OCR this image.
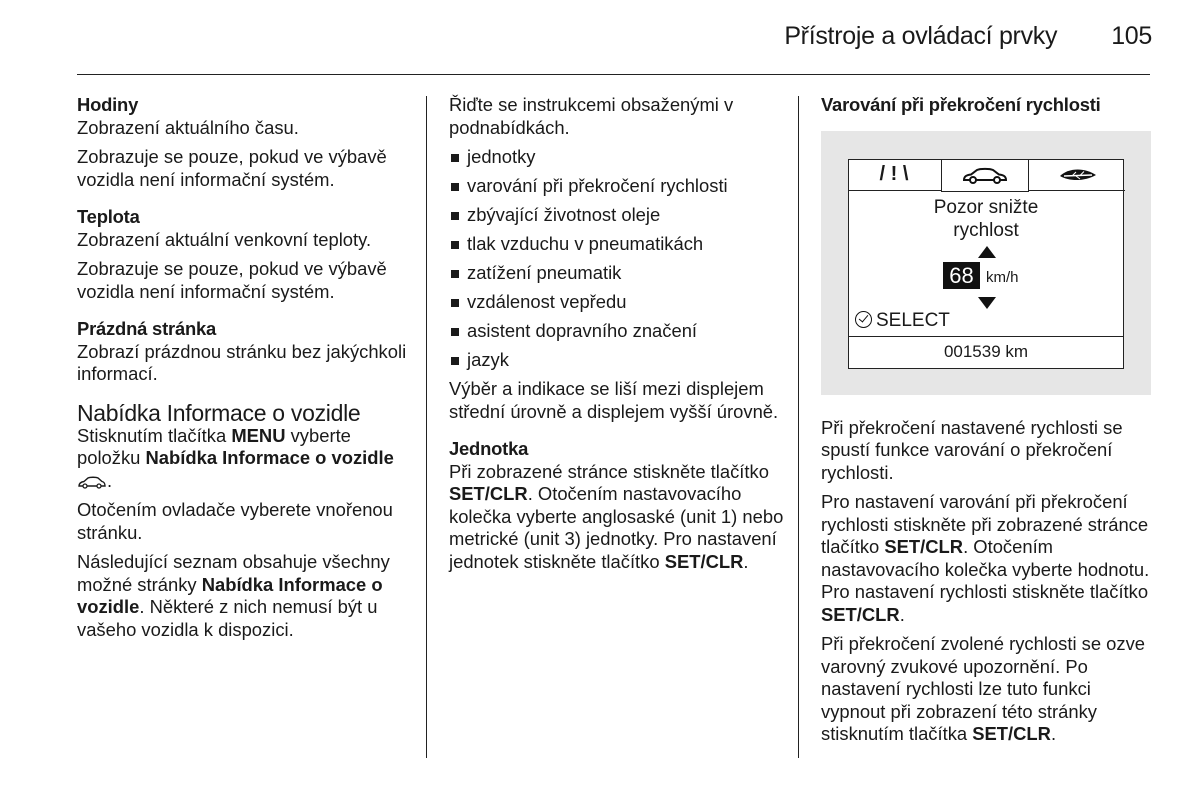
Přístroje a ovládací prvky 105
Hodiny

Zobrazení aktuálního času.

Zobrazuje se pouze, pokud ve výbavě vozidla není informační systém.

Teplota

Zobrazení aktuální venkovní teploty.

Zobrazuje se pouze, pokud ve výbavě vozidla není informační systém.

Prázdná stránka

Zobrazí prázdnou stránku bez jakýchkoli informací.

Nabídka Informace o vozidle

Stisknutím tlačítka MENU vyberte položku Nabídka Informace o vozidle .

Otočením ovladače vyberete vnořenou stránku.

Následující seznam obsahuje všechny možné stránky Nabídka Informace o vozidle. Některé z nich nemusí být u vašeho vozidla k dispozici.

Řiďte se instrukcemi obsaženými v podnabídkách.

jednotky
varování při překročení rychlosti
zbývající životnost oleje
tlak vzduchu v pneumatikách
zatížení pneumatik
vzdálenost vepředu
asistent dopravního značení
jazyk

Výběr a indikace se liší mezi displejem střední úrovně a displejem vyšší úrovně.

Jednotka

Při zobrazené stránce stiskněte tlačítko SET/CLR. Otočením nastavovacího kolečka vyberte anglosaské (unit 1) nebo metrické (unit 3) jednotky. Pro nastavení jednotek stiskněte tlačítko SET/CLR.

Varování při překročení rychlosti
/ ! \
Pozor snižte
rychlost
68 km/h
SELECT
001539 km

Při překročení nastavené rychlosti se spustí funkce varování o překročení rychlosti.

Pro nastavení varování při překročení rychlosti stiskněte při zobrazené stránce tlačítko SET/CLR. Otočením nastavovacího kolečka vyberte hodnotu. Pro nastavení rychlosti stiskněte tlačítko SET/CLR.

Při překročení zvolené rychlosti se ozve varovný zvukové upozornění. Po nastavení rychlosti lze tuto funkci vypnout při zobrazení této stránky stisknutím tlačítka SET/CLR.
